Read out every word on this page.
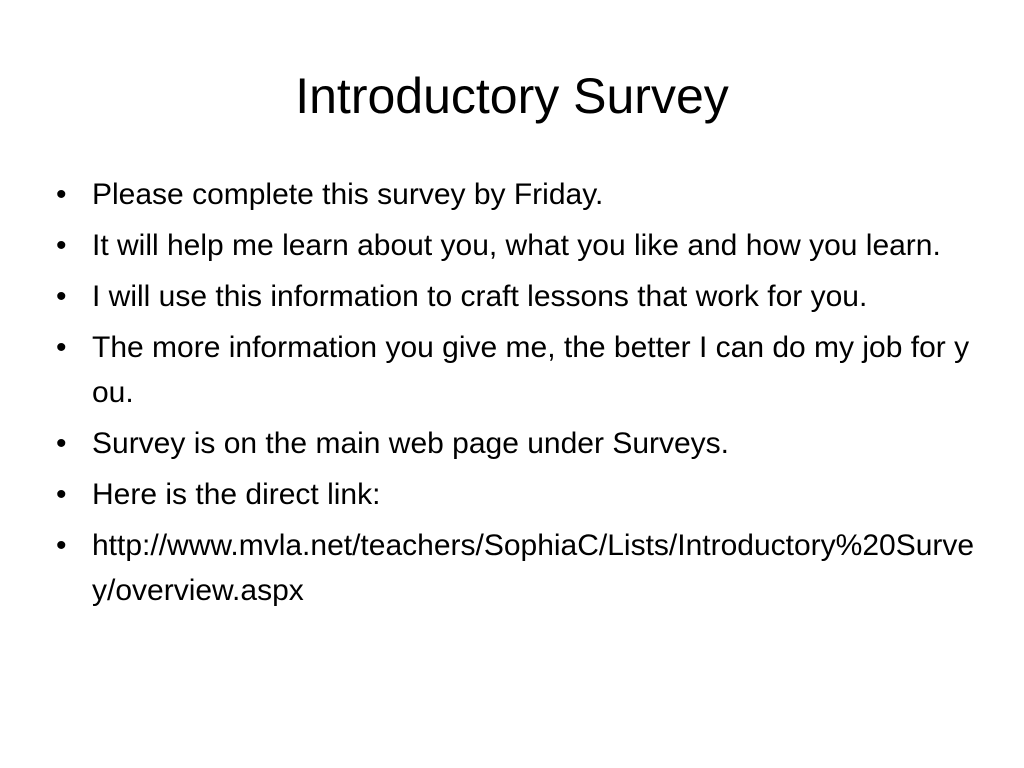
Introductory Survey
• Please complete this survey by Friday.
• It will help me learn about you, what you like and how you learn.
• I will use this information to craft lessons that work for you.
• The more information you give me, the better I can do my job for you.
• Survey is on the main web page under Surveys.
• Here is the direct link:
• http://www.mvla.net/teachers/SophiaC/Lists/Introductory%20Survey/overview.aspx
